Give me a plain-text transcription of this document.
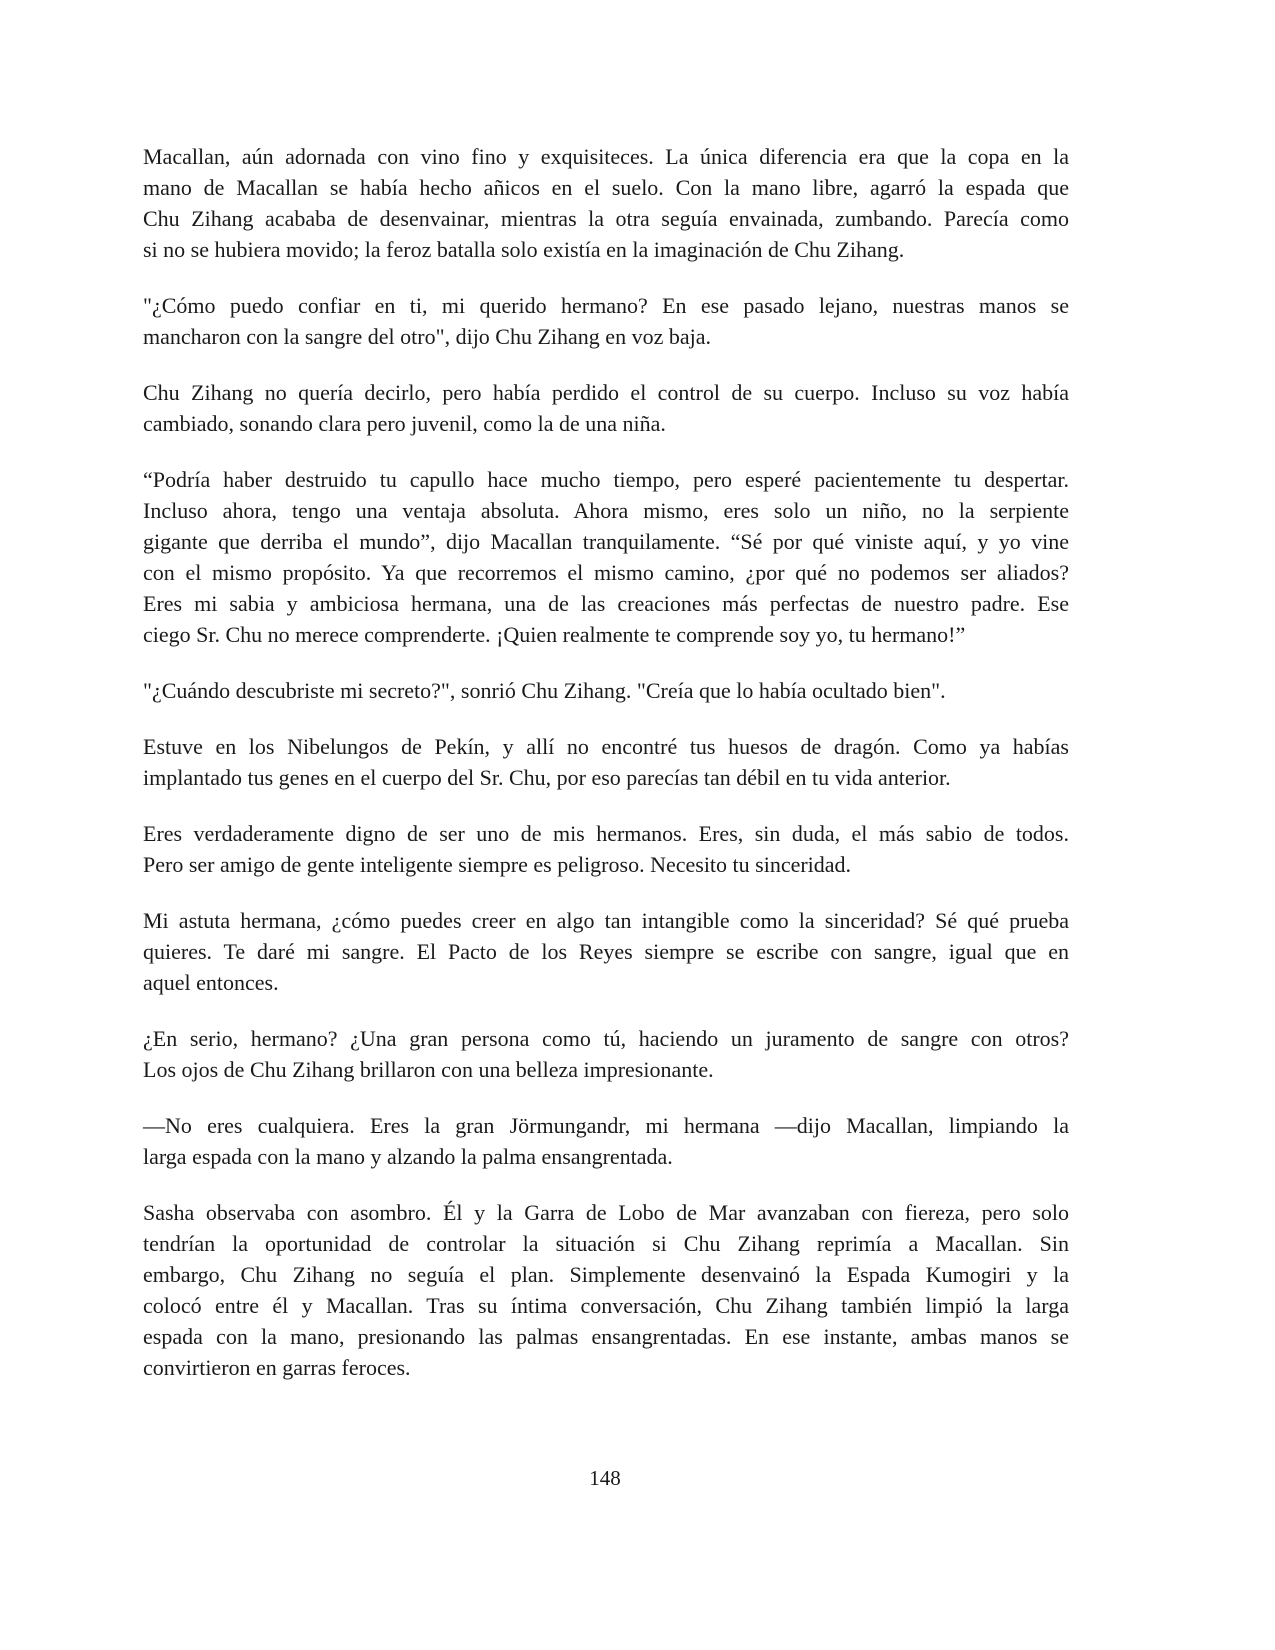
Macallan, aún adornada con vino fino y exquisiteces. La única diferencia era que la copa en la
mano de Macallan se había hecho añicos en el suelo. Con la mano libre, agarró la espada que
Chu Zihang acababa de desenvainar, mientras la otra seguía envainada, zumbando. Parecía como
si no se hubiera movido; la feroz batalla solo existía en la imaginación de Chu Zihang.

"¿Cómo puedo confiar en ti, mi querido hermano? En ese pasado lejano, nuestras manos se
mancharon con la sangre del otro", dijo Chu Zihang en voz baja.

Chu Zihang no quería decirlo, pero había perdido el control de su cuerpo. Incluso su voz había
cambiado, sonando clara pero juvenil, como la de una niña.

“Podría haber destruido tu capullo hace mucho tiempo, pero esperé pacientemente tu despertar.
Incluso ahora, tengo una ventaja absoluta. Ahora mismo, eres solo un niño, no la serpiente
gigante que derriba el mundo”, dijo Macallan tranquilamente. “Sé por qué viniste aquí, y yo vine
con el mismo propósito. Ya que recorremos el mismo camino, ¿por qué no podemos ser aliados?
Eres mi sabia y ambiciosa hermana, una de las creaciones más perfectas de nuestro padre. Ese
ciego Sr. Chu no merece comprenderte. ¡Quien realmente te comprende soy yo, tu hermano!”

"¿Cuándo descubriste mi secreto?", sonrió Chu Zihang. "Creía que lo había ocultado bien".

Estuve en los Nibelungos de Pekín, y allí no encontré tus huesos de dragón. Como ya habías
implantado tus genes en el cuerpo del Sr. Chu, por eso parecías tan débil en tu vida anterior.

Eres verdaderamente digno de ser uno de mis hermanos. Eres, sin duda, el más sabio de todos.
Pero ser amigo de gente inteligente siempre es peligroso. Necesito tu sinceridad.

Mi astuta hermana, ¿cómo puedes creer en algo tan intangible como la sinceridad? Sé qué prueba
quieres. Te daré mi sangre. El Pacto de los Reyes siempre se escribe con sangre, igual que en
aquel entonces.

¿En serio, hermano? ¿Una gran persona como tú, haciendo un juramento de sangre con otros?
Los ojos de Chu Zihang brillaron con una belleza impresionante.

—No eres cualquiera. Eres la gran Jörmungandr, mi hermana —dijo Macallan, limpiando la
larga espada con la mano y alzando la palma ensangrentada.

Sasha observaba con asombro. Él y la Garra de Lobo de Mar avanzaban con fiereza, pero solo
tendrían la oportunidad de controlar la situación si Chu Zihang reprimía a Macallan. Sin
embargo, Chu Zihang no seguía el plan. Simplemente desenvainó la Espada Kumogiri y la
colocó entre él y Macallan. Tras su íntima conversación, Chu Zihang también limpió la larga
espada con la mano, presionando las palmas ensangrentadas. En ese instante, ambas manos se
convirtieron en garras feroces.

148
